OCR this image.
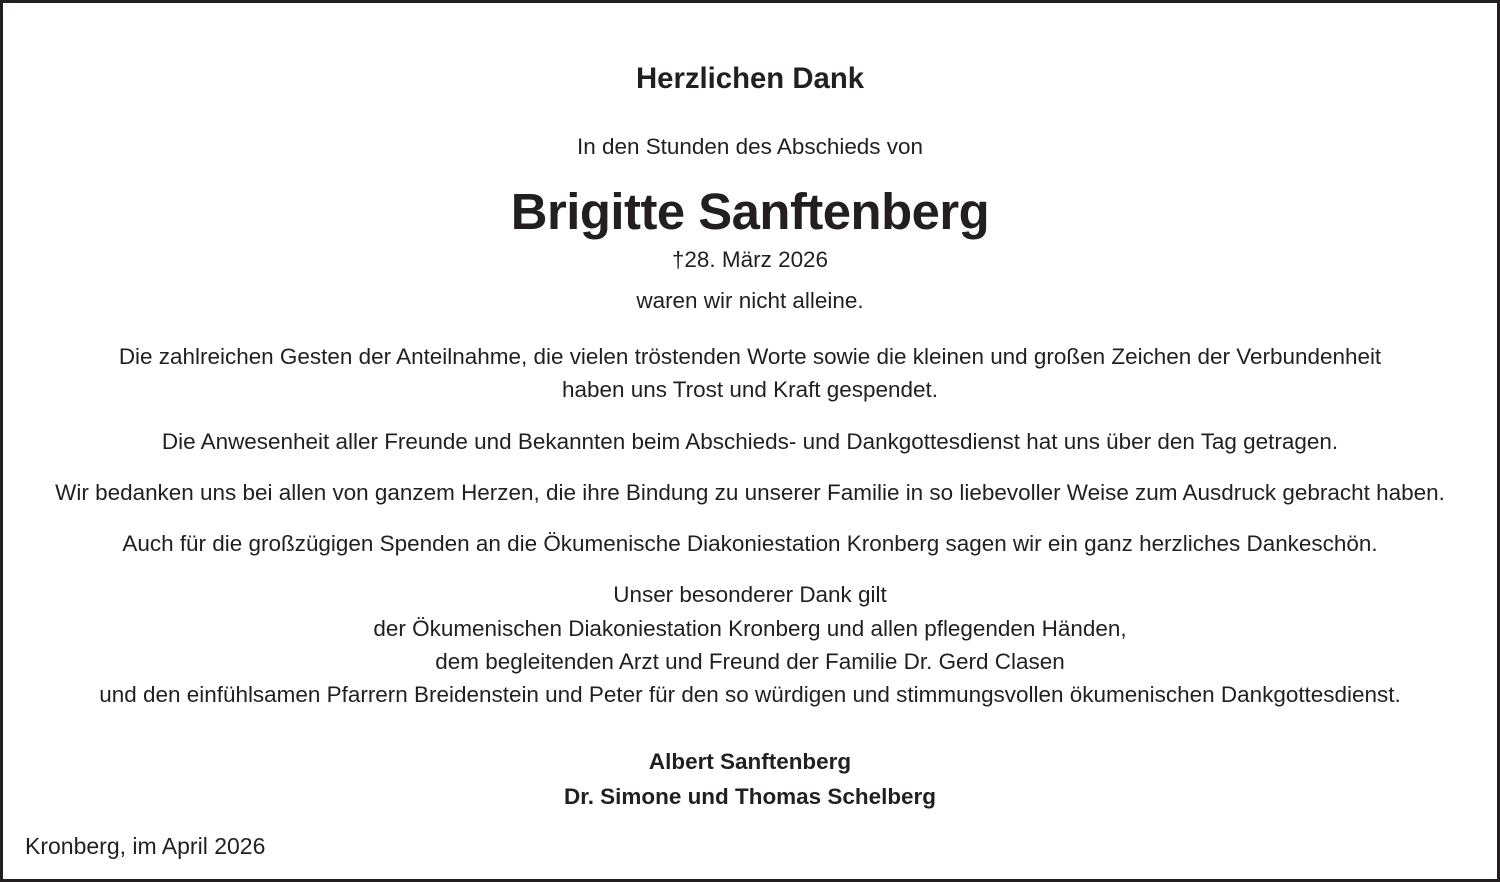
Herzlichen Dank
In den Stunden des Abschieds von
Brigitte Sanftenberg
†28. März 2026
waren wir nicht alleine.
Die zahlreichen Gesten der Anteilnahme, die vielen tröstenden Worte sowie die kleinen und großen Zeichen der Verbundenheit
haben uns Trost und Kraft gespendet.
Die Anwesenheit aller Freunde und Bekannten beim Abschieds- und Dankgottesdienst hat uns über den Tag getragen.
Wir bedanken uns bei allen von ganzem Herzen, die ihre Bindung zu unserer Familie in so liebevoller Weise zum Ausdruck gebracht haben.
Auch für die großzügigen Spenden an die Ökumenische Diakoniestation Kronberg sagen wir ein ganz herzliches Dankeschön.
Unser besonderer Dank gilt
der Ökumenischen Diakoniestation Kronberg und allen pflegenden Händen,
dem begleitenden Arzt und Freund der Familie Dr. Gerd Clasen
und den einfühlsamen Pfarrern Breidenstein und Peter für den so würdigen und stimmungsvollen ökumenischen Dankgottesdienst.
Albert Sanftenberg
Dr. Simone und Thomas Schelberg
Kronberg, im April 2026
